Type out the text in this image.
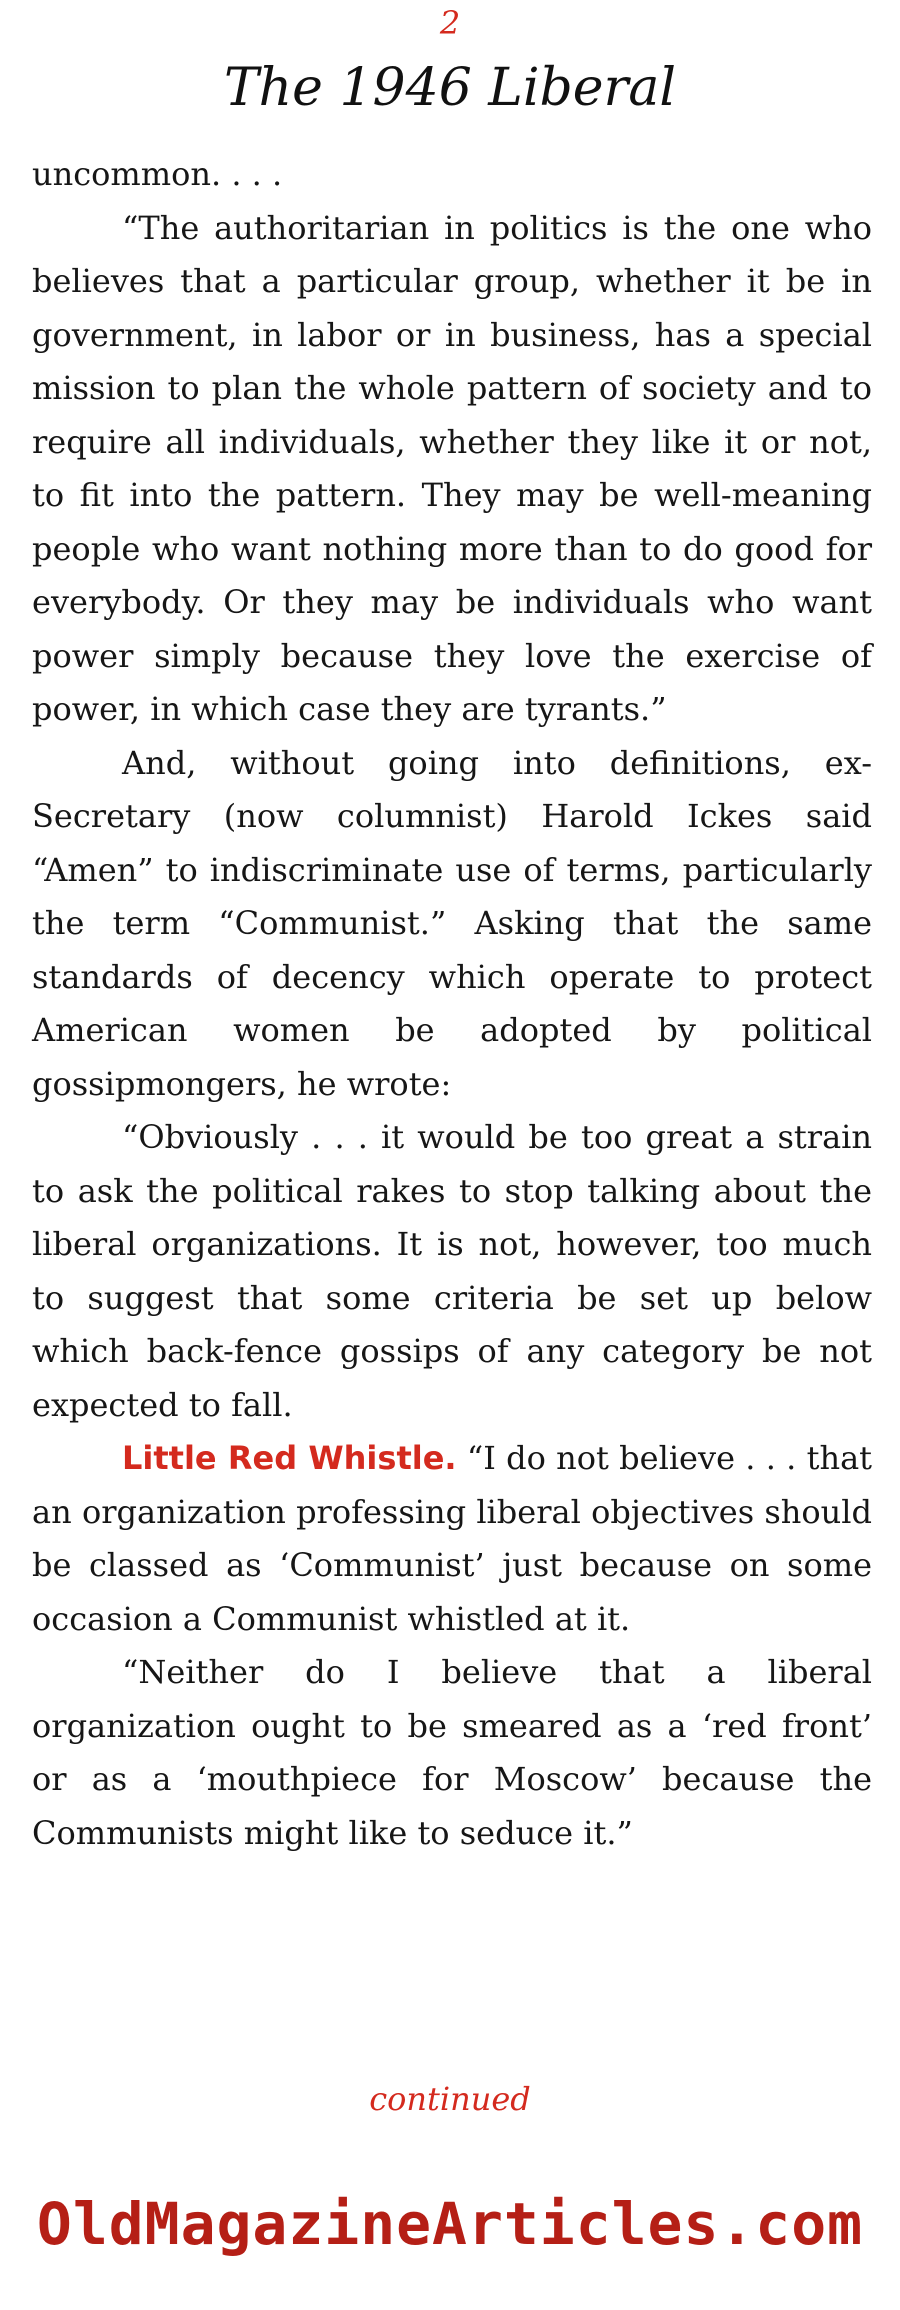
2
The 1946 Liberal

uncommon. . . .

“The authoritarian in politics is the one who believes that a particular group, whether it be in government, in labor or in business, has a special mission to plan the whole pattern of society and to require all individuals, whether they like it or not, to fit into the pattern. They may be well-meaning people who want nothing more than to do good for everybody. Or they may be individuals who want power simply because they love the exercise of power, in which case they are tyrants.”

And, without going into definitions, ex-Secretary (now columnist) Harold Ickes said “Amen” to indiscriminate use of terms, particularly the term “Communist.” Asking that the same standards of decency which operate to protect American women be adopted by political gossipmongers, he wrote:

“Obviously . . . it would be too great a strain to ask the political rakes to stop talking about the liberal organizations. It is not, however, too much to suggest that some criteria be set up below which back-fence gossips of any category be not expected to fall.

Little Red Whistle. “I do not believe . . . that an organization professing liberal objectives should be classed as ‘Communist’ just because on some occasion a Communist whistled at it.

“Neither do I believe that a liberal organization ought to be smeared as a ‘red front’ or as a ‘mouthpiece for Moscow’ because the Communists might like to seduce it.”

continued
OldMagazineArticles.com
